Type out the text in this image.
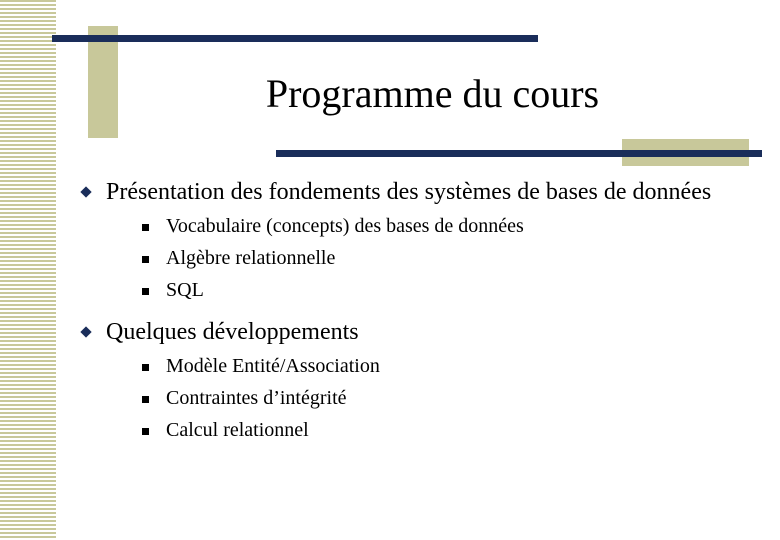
Programme du cours
Présentation des fondements des systèmes de bases de données
Vocabulaire (concepts) des bases de données
Algèbre relationnelle
SQL
Quelques développements
Modèle Entité/Association
Contraintes d’intégrité
Calcul relationnel
